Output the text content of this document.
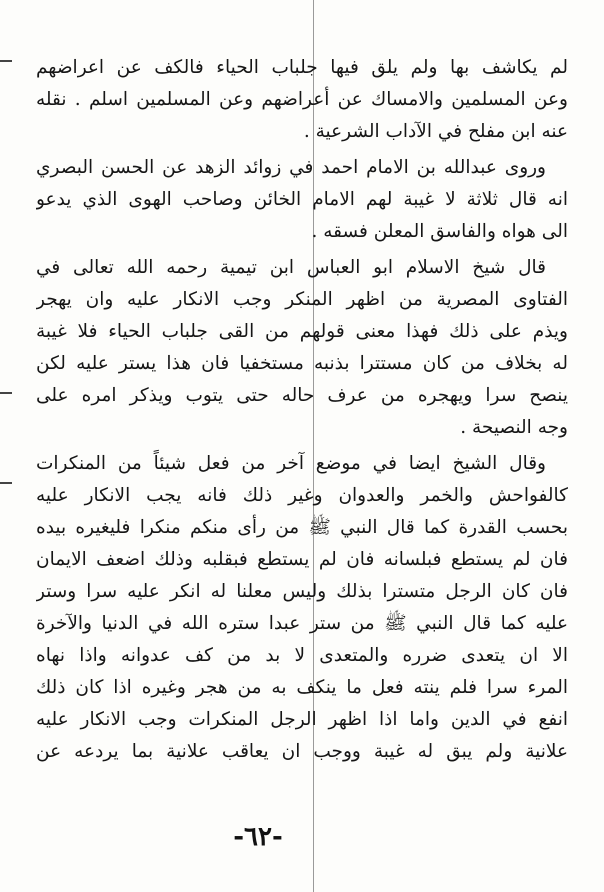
لم يكاشف بها ولم يلق فيها جلباب الحياء فالكف عن اعراضهم
وعن المسلمين والامساك عن أعراضهم وعن المسلمين اسلم . نقله
عنه ابن مفلح في الآداب الشرعية .
وروى عبدالله بن الامام احمد في زوائد الزهد عن الحسن البصري
انه قال ثلاثة لا غيبة لهم الامام الخائن وصاحب الهوى الذي يدعو
الى هواه والفاسق المعلن فسقه .
قال شيخ الاسلام ابو العباس ابن تيمية رحمه الله تعالى في
الفتاوى المصرية من اظهر المنكر وجب الانكار عليه وان يهجر
ويذم على ذلك فهذا معنى قولهم من القى جلباب الحياء فلا غيبة
له بخلاف من كان مستترا بذنبه مستخفيا فان هذا يستر عليه لكن
ينصح سرا ويهجره من عرف حاله حتى يتوب ويذكر امره على
وجه النصيحة .
وقال الشيخ ايضا في موضع آخر من فعل شيئاً من المنكرات
كالفواحش والخمر والعدوان وغير ذلك فانه يجب الانكار عليه
بحسب القدرة كما قال النبي ﷺ من رأى منكم منكرا فليغيره بيده
فان لم يستطع فبلسانه فان لم يستطع فبقلبه وذلك اضعف الايمان
فان كان الرجل متسترا بذلك وليس معلنا له انكر عليه سرا وستر
عليه كما قال النبي ﷺ من ستر عبدا ستره الله في الدنيا والآخرة
الا ان يتعدى ضرره والمتعدى لا بد من كف عدوانه واذا نهاه
المرء سرا فلم ينته فعل ما ينكف به من هجر وغيره اذا كان ذلك
انفع في الدين واما اذا اظهر الرجل المنكرات وجب الانكار عليه
علانية ولم يبق له غيبة ووجب ان يعاقب علانية بما يردعه عن
-٦٢-
